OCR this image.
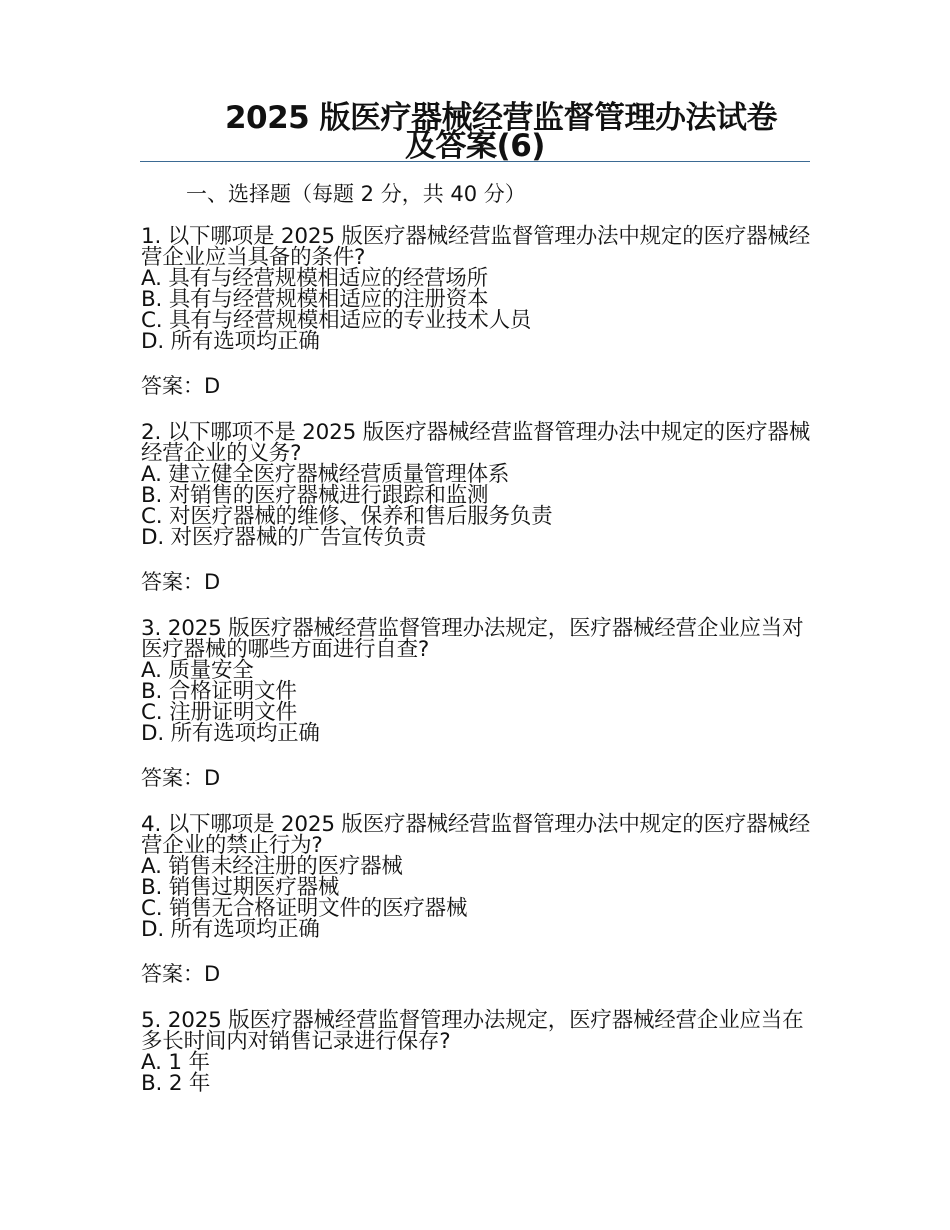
2025 版医疗器械经营监督管理办法试卷
及答案(6)
一、选择题（每题 2 分，共 40 分）
1. 以下哪项是 2025 版医疗器械经营监督管理办法中规定的医疗器械经营企业应当具备的条件?
A. 具有与经营规模相适应的经营场所
B. 具有与经营规模相适应的注册资本
C. 具有与经营规模相适应的专业技术人员
D. 所有选项均正确
答案：D
2. 以下哪项不是 2025 版医疗器械经营监督管理办法中规定的医疗器械经营企业的义务?
A. 建立健全医疗器械经营质量管理体系
B. 对销售的医疗器械进行跟踪和监测
C. 对医疗器械的维修、保养和售后服务负责
D. 对医疗器械的广告宣传负责
答案：D
3. 2025 版医疗器械经营监督管理办法规定，医疗器械经营企业应当对医疗器械的哪些方面进行自查?
A. 质量安全
B. 合格证明文件
C. 注册证明文件
D. 所有选项均正确
答案：D
4. 以下哪项是 2025 版医疗器械经营监督管理办法中规定的医疗器械经营企业的禁止行为?
A. 销售未经注册的医疗器械
B. 销售过期医疗器械
C. 销售无合格证明文件的医疗器械
D. 所有选项均正确
答案：D
5. 2025 版医疗器械经营监督管理办法规定，医疗器械经营企业应当在多长时间内对销售记录进行保存?
A. 1 年
B. 2 年
